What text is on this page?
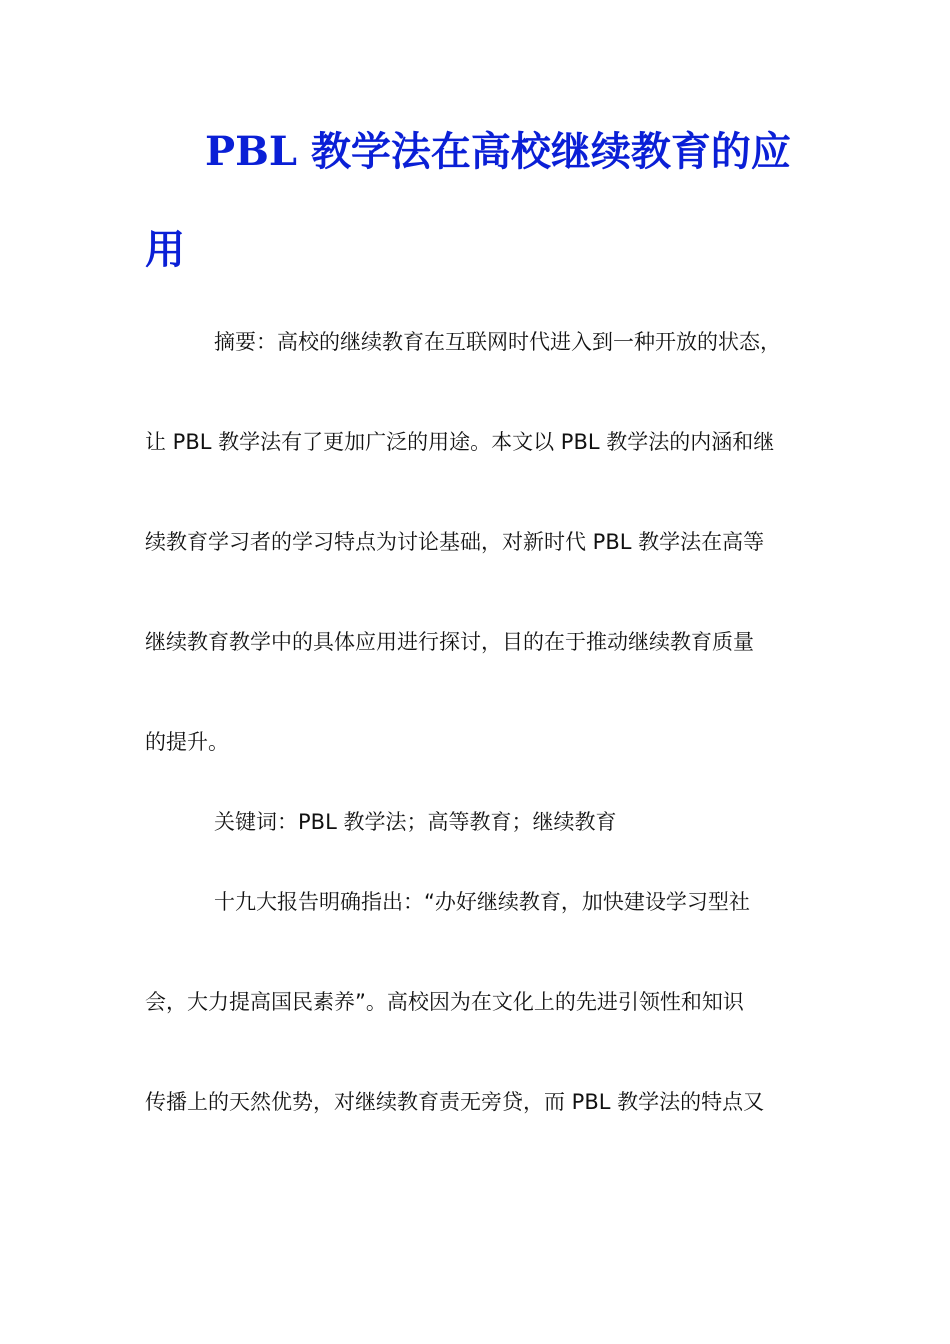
PBL 教学法在高校继续教育的应
用
摘要：高校的继续教育在互联网时代进入到一种开放的状态，
让 PBL 教学法有了更加广泛的用途。本文以 PBL 教学法的内涵和继
续教育学习者的学习特点为讨论基础，对新时代 PBL 教学法在高等
继续教育教学中的具体应用进行探讨，目的在于推动继续教育质量
的提升。
关键词：PBL 教学法；高等教育；继续教育
十九大报告明确指出：“办好继续教育，加快建设学习型社
会，大力提高国民素养”。高校因为在文化上的先进引领性和知识
传播上的天然优势，对继续教育责无旁贷，而 PBL 教学法的特点又
